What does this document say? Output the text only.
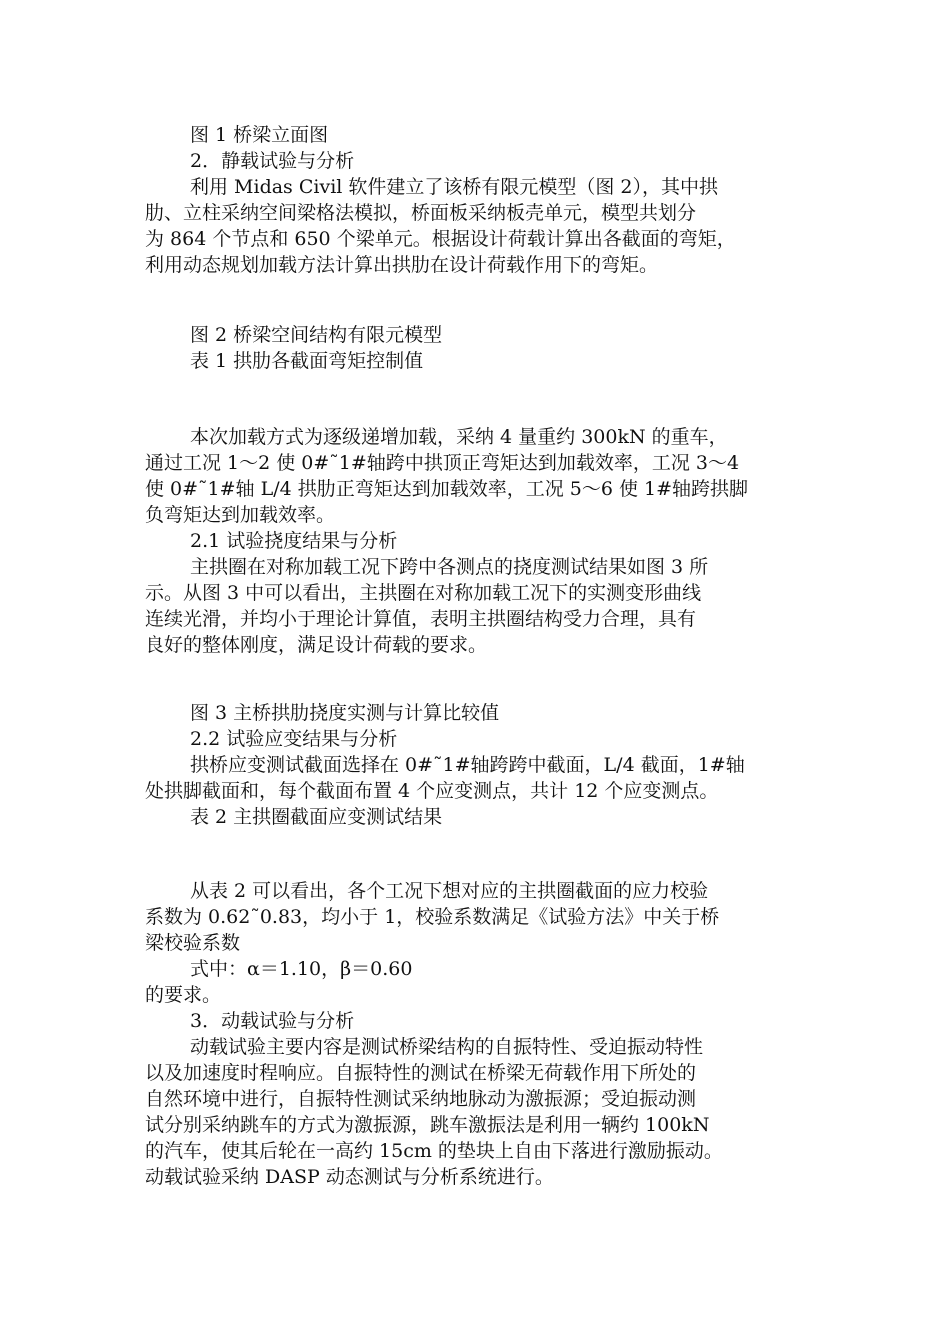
图 1 桥梁立面图
2．静载试验与分析
利用 Midas Civil 软件建立了该桥有限元模型（图 2），其中拱
肋、立柱采纳空间梁格法模拟，桥面板采纳板壳单元，模型共划分
为 864 个节点和 650 个梁单元。根据设计荷载计算出各截面的弯矩，
利用动态规划加载方法计算出拱肋在设计荷载作用下的弯矩。
图 2 桥梁空间结构有限元模型
表 1 拱肋各截面弯矩控制值
本次加载方式为逐级递增加载，采纳 4 量重约 300kN 的重车，
通过工况 1～2 使 0#˜1#轴跨中拱顶正弯矩达到加载效率，工况 3～4
使 0#˜1#轴 L/4 拱肋正弯矩达到加载效率，工况 5～6 使 1#轴跨拱脚
负弯矩达到加载效率。
2.1 试验挠度结果与分析
主拱圈在对称加载工况下跨中各测点的挠度测试结果如图 3 所
示。从图 3 中可以看出，主拱圈在对称加载工况下的实测变形曲线
连续光滑，并均小于理论计算值，表明主拱圈结构受力合理，具有
良好的整体刚度，满足设计荷载的要求。
图 3 主桥拱肋挠度实测与计算比较值
2.2 试验应变结果与分析
拱桥应变测试截面选择在 0#˜1#轴跨跨中截面，L/4 截面，1#轴
处拱脚截面和，每个截面布置 4 个应变测点，共计 12 个应变测点。
表 2 主拱圈截面应变测试结果
从表 2 可以看出，各个工况下想对应的主拱圈截面的应力校验
系数为 0.62˜0.83，均小于 1，校验系数满足《试验方法》中关于桥
梁校验系数
式中：α＝1.10，β＝0.60
的要求。
3．动载试验与分析
动载试验主要内容是测试桥梁结构的自振特性、受迫振动特性
以及加速度时程响应。自振特性的测试在桥梁无荷载作用下所处的
自然环境中进行，自振特性测试采纳地脉动为激振源；受迫振动测
试分别采纳跳车的方式为激振源，跳车激振法是利用一辆约 100kN
的汽车，使其后轮在一高约 15cm 的垫块上自由下落进行激励振动。
动载试验采纳 DASP 动态测试与分析系统进行。
